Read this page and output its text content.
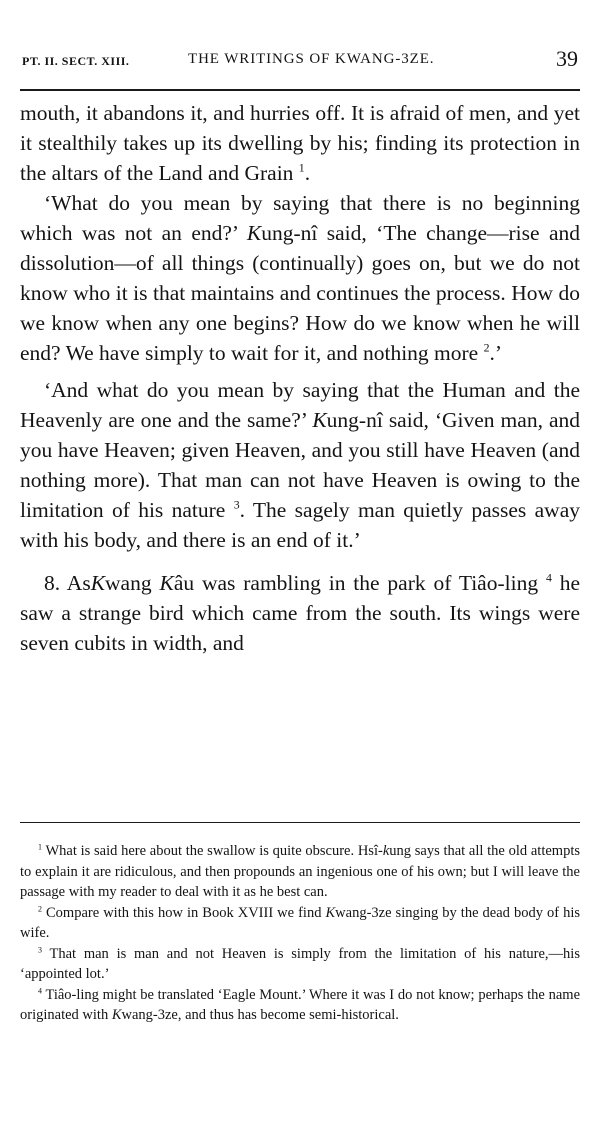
PT. II. SECT. XIII.	THE WRITINGS OF KWANG-3ZE.	39

mouth, it abandons it, and hurries off. It is afraid of men, and yet it stealthily takes up its dwelling by his; finding its protection in the altars of the Land and Grain $^1$.

‘What do you mean by saying that there is no beginning which was not an end?’ Kung-nî said, ‘The change—rise and dissolution—of all things (continually) goes on, but we do not know who it is that maintains and continues the process. How do we know when any one begins? How do we know when he will end? We have simply to wait for it, and nothing more $^2$.’

‘And what do you mean by saying that the Human and the Heavenly are one and the same?’ Kung-nî said, ‘Given man, and you have Heaven; given Heaven, and you still have Heaven (and nothing more). That man can not have Heaven is owing to the limitation of his nature $^3$. The sagely man quietly passes away with his body, and there is an end of it.’

8. AsKwang Kâu was rambling in the park of Tiâo-ling $^4$ he saw a strange bird which came from the south. Its wings were seven cubits in width, and

$^1$ What is said here about the swallow is quite obscure. Hsî-kung says that all the old attempts to explain it are ridiculous, and then propounds an ingenious one of his own; but I will leave the passage with my reader to deal with it as he best can.

$^2$ Compare with this how in Book XVIII we find Kwang-3ze singing by the dead body of his wife.

$^3$ That man is man and not Heaven is simply from the limitation of his nature,—his ‘appointed lot.’

$^4$ Tiâo-ling might be translated ‘Eagle Mount.’ Where it was I do not know; perhaps the name originated with Kwang-3ze, and thus has become semi-historical.
